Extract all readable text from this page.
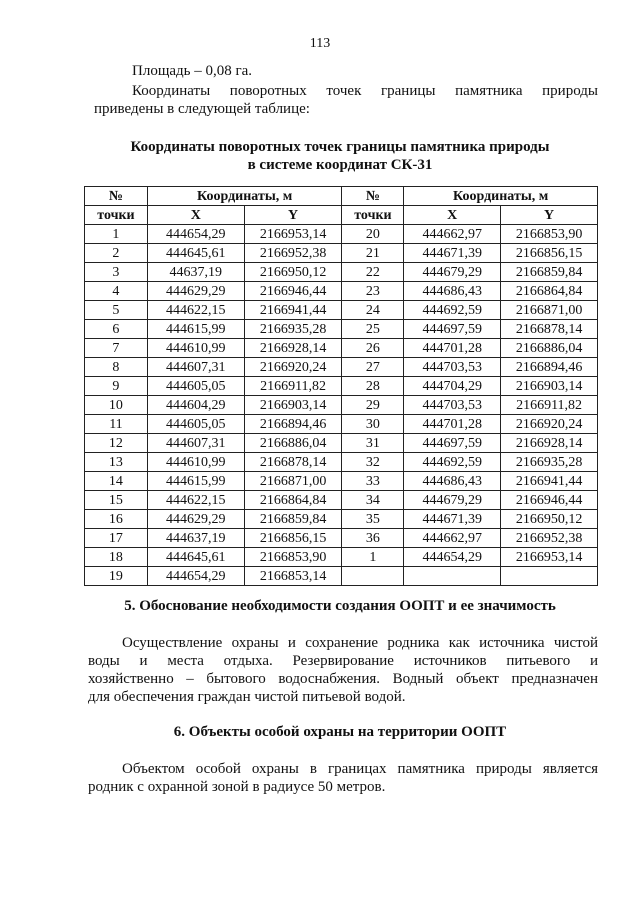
113
Площадь – 0,08 га.
Координаты поворотных точек границы памятника природы
приведены в следующей таблице:
Координаты поворотных точек границы памятника природы
в системе координат СК-31
№	Координаты, м		№	Координаты, м	
точки	X	Y	точки	X	Y
1	444654,29	2166953,14	20	444662,97	2166853,90
2	444645,61	2166952,38	21	444671,39	2166856,15
3	44637,19	2166950,12	22	444679,29	2166859,84
4	444629,29	2166946,44	23	444686,43	2166864,84
5	444622,15	2166941,44	24	444692,59	2166871,00
6	444615,99	2166935,28	25	444697,59	2166878,14
7	444610,99	2166928,14	26	444701,28	2166886,04
8	444607,31	2166920,24	27	444703,53	2166894,46
9	444605,05	2166911,82	28	444704,29	2166903,14
10	444604,29	2166903,14	29	444703,53	2166911,82
11	444605,05	2166894,46	30	444701,28	2166920,24
12	444607,31	2166886,04	31	444697,59	2166928,14
13	444610,99	2166878,14	32	444692,59	2166935,28
14	444615,99	2166871,00	33	444686,43	2166941,44
15	444622,15	2166864,84	34	444679,29	2166946,44
16	444629,29	2166859,84	35	444671,39	2166950,12
17	444637,19	2166856,15	36	444662,97	2166952,38
18	444645,61	2166853,90	1	444654,29	2166953,14
19	444654,29	2166853,14			
5. Обоснование необходимости создания ООПТ и ее значимость
Осуществление охраны и сохранение родника как источника чистой
воды и места отдыха. Резервирование источников питьевого и
хозяйственно – бытового водоснабжения. Водный объект предназначен
для обеспечения граждан чистой питьевой водой.
6. Объекты особой охраны на территории ООПТ
Объектом особой охраны в границах памятника природы является
родник с охранной зоной в радиусе 50 метров.
